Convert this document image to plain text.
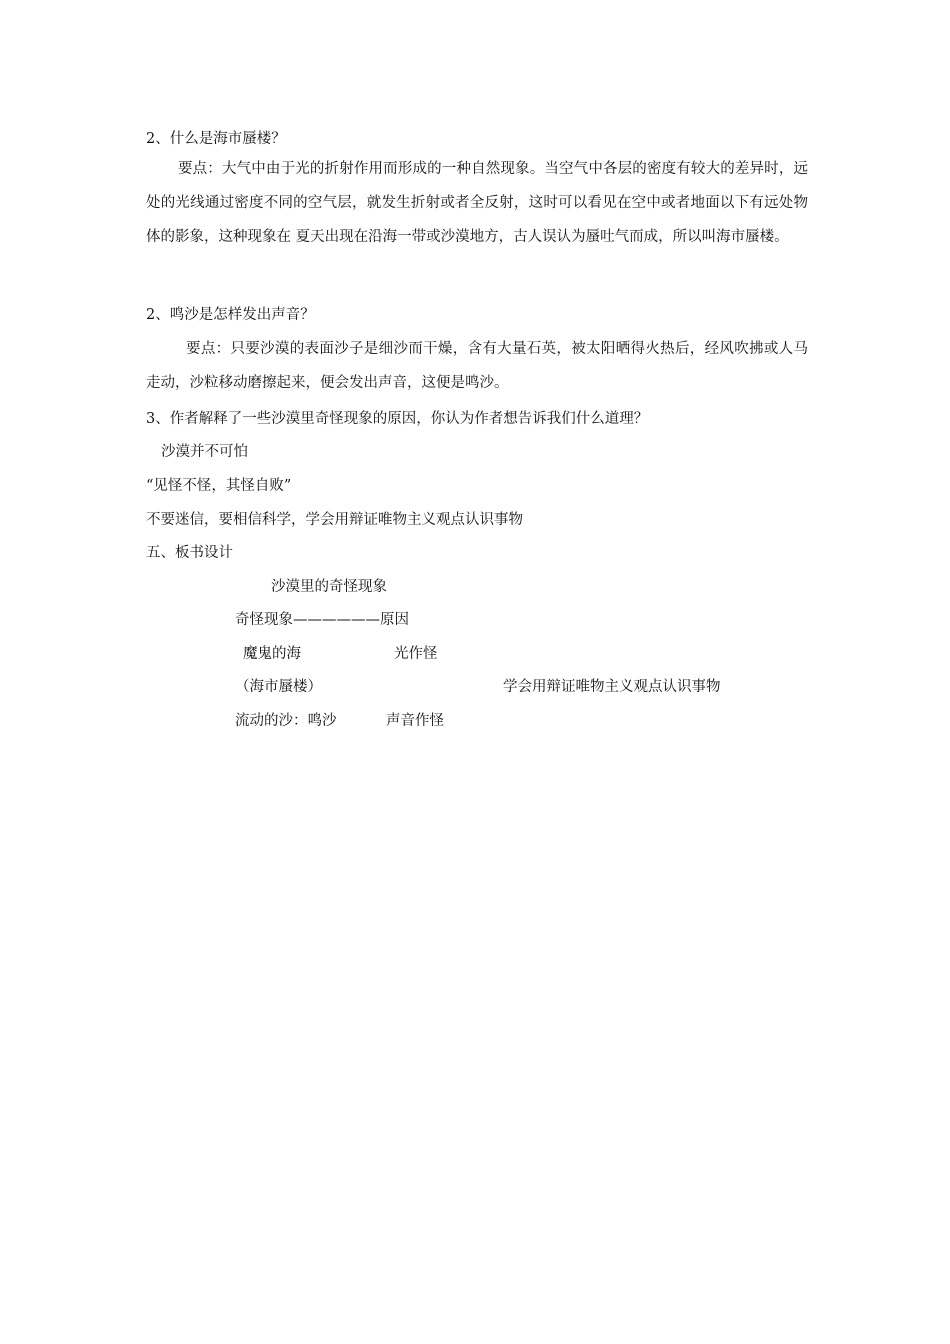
2、什么是海市蜃楼？
要点：大气中由于光的折射作用而形成的一种自然现象。当空气中各层的密度有较大的差异时，远处的光线通过密度不同的空气层，就发生折射或者全反射，这时可以看见在空中或者地面以下有远处物体的影象，这种现象在 夏天出现在沿海一带或沙漠地方，古人误认为蜃吐气而成，所以叫海市蜃楼。
2、鸣沙是怎样发出声音？
要点：只要沙漠的表面沙子是细沙而干燥，含有大量石英，被太阳晒得火热后，经风吹拂或人马走动，沙粒移动磨擦起来，便会发出声音，这便是鸣沙。
3、作者解释了一些沙漠里奇怪现象的原因，你认为作者想告诉我们什么道理？
沙漠并不可怕
“见怪不怪，其怪自败”
不要迷信，要相信科学，学会用辩证唯物主义观点认识事物
五、板书设计
沙漠里的奇怪现象
奇怪现象——————原因
魔鬼的海	光作怪
（海市蜃楼）	学会用辩证唯物主义观点认识事物
流动的沙：鸣沙	声音作怪
